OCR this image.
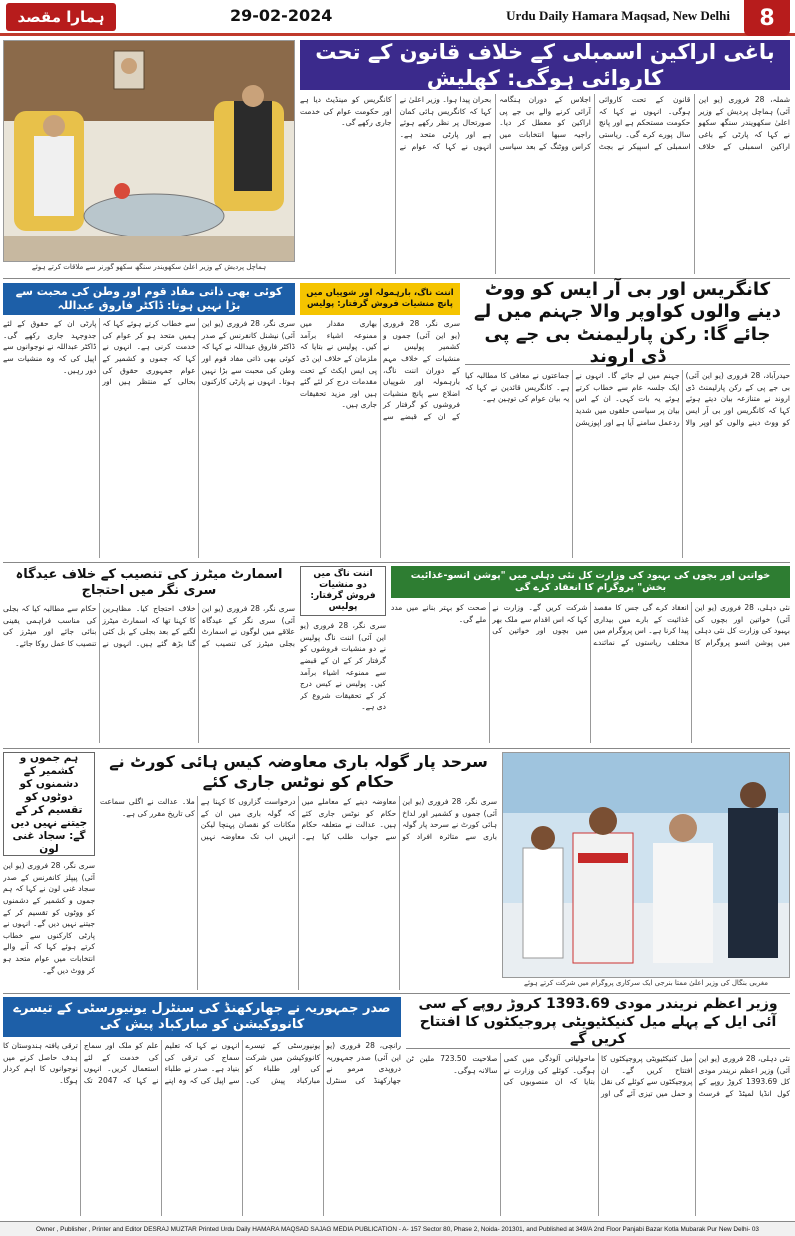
ہمارا مقصد	29-02-2024	Urdu Daily Hamara Maqsad, New Delhi	8
ہماچل پردیش کے وزیر اعلیٰ سکھویندر سنگھ سکھو گورنر سے ملاقات کرتے ہوئے
باغی اراکین اسمبلی کے خلاف قانون کے تحت کاروائی ہوگی: کھلیش
شملہ، 28 فروری (یو این آئی) ہماچل پردیش کے وزیر اعلیٰ سکھویندر سنگھ سکھو نے کہا کہ پارٹی کے باغی اراکین اسمبلی کے خلاف قانون کے تحت کاروائی ہوگی۔ انہوں نے کہا کہ حکومت مستحکم ہے اور پانچ سال پورے کرے گی۔ ریاستی اسمبلی کے اسپیکر نے بجٹ اجلاس کے دوران ہنگامہ آرائی کرنے والے بی جے پی اراکین کو معطل کر دیا۔ راجیہ سبھا انتخابات میں کراس ووٹنگ کے بعد سیاسی بحران پیدا ہوا۔ وزیر اعلیٰ نے کہا کہ کانگریس ہائی کمان صورتحال پر نظر رکھے ہوئے ہے اور پارٹی متحد ہے۔ انہوں نے کہا کہ عوام نے کانگریس کو مینڈیٹ دیا ہے اور حکومت عوام کی خدمت جاری رکھے گی۔
کوئی بھی ذاتی مفاد قوم اور وطن کی محبت سے بڑا نہیں ہوتا: ڈاکٹر فاروق عبداللہ
سری نگر، 28 فروری (یو این آئی) نیشنل کانفرنس کے صدر ڈاکٹر فاروق عبداللہ نے کہا کہ کوئی بھی ذاتی مفاد قوم اور وطن کی محبت سے بڑا نہیں ہوتا۔ انہوں نے پارٹی کارکنوں سے خطاب کرتے ہوئے کہا کہ ہمیں متحد ہو کر عوام کی خدمت کرنی ہے۔ انہوں نے کہا کہ جموں و کشمیر کے عوام جمہوری حقوق کی بحالی کے منتظر ہیں اور پارٹی ان کے حقوق کے لئے جدوجہد جاری رکھے گی۔ ڈاکٹر عبداللہ نے نوجوانوں سے اپیل کی کہ وہ منشیات سے دور رہیں۔
اننت ناگ، بارہمولہ اور شوپیاں میں پانچ منشیات فروش گرفتار: پولیس
سری نگر، 28 فروری (یو این آئی) جموں و کشمیر پولیس نے منشیات کے خلاف مہم کے دوران اننت ناگ، بارہمولہ اور شوپیاں اضلاع سے پانچ منشیات فروشوں کو گرفتار کر کے ان کے قبضے سے بھاری مقدار میں ممنوعہ اشیاء برآمد کیں۔ پولیس نے بتایا کہ ملزمان کے خلاف این ڈی پی ایس ایکٹ کے تحت مقدمات درج کر لئے گئے ہیں اور مزید تحقیقات جاری ہیں۔
کانگریس اور بی آر ایس کو ووٹ دینے والوں کواوپر والا جہنم میں لے جائے گا: رکن پارلیمنٹ بی جے پی ڈی اروند
حیدرآباد، 28 فروری (یو این آئی) بی جے پی کے رکن پارلیمنٹ ڈی اروند نے متنازعہ بیان دیتے ہوئے کہا کہ کانگریس اور بی آر ایس کو ووٹ دینے والوں کو اوپر والا جہنم میں لے جائے گا۔ انہوں نے ایک جلسہ عام سے خطاب کرتے ہوئے یہ بات کہی۔ ان کے اس بیان پر سیاسی حلقوں میں شدید ردعمل سامنے آیا ہے اور اپوزیشن جماعتوں نے معافی کا مطالبہ کیا ہے۔ کانگریس قائدین نے کہا کہ یہ بیان عوام کی توہین ہے۔
اسمارٹ میٹرز کی تنصیب کے خلاف عیدگاہ سری نگر میں احتجاج
سری نگر، 28 فروری (یو این آئی) سری نگر کے عیدگاہ علاقے میں لوگوں نے اسمارٹ بجلی میٹرز کی تنصیب کے خلاف احتجاج کیا۔ مظاہرین کا کہنا تھا کہ اسمارٹ میٹرز لگنے کے بعد بجلی کے بل کئی گنا بڑھ گئے ہیں۔ انہوں نے حکام سے مطالبہ کیا کہ بجلی کی مناسب فراہمی یقینی بنائی جائے اور میٹرز کی تنصیب کا عمل روکا جائے۔
اننت ناگ میں دو منشیات فروش گرفتار: پولیس
سری نگر، 28 فروری (یو این آئی) اننت ناگ پولیس نے دو منشیات فروشوں کو گرفتار کر کے ان کے قبضے سے ممنوعہ اشیاء برآمد کیں۔ پولیس نے کیس درج کر کے تحقیقات شروع کر دی ہے۔
خواتین اور بچوں کی بہبود کی وزارت کل نئی دہلی میں "پوشن اتسو-غذائیت بخش" پروگرام کا انعقاد کرے گی
نئی دہلی، 28 فروری (یو این آئی) خواتین اور بچوں کی بہبود کی وزارت کل نئی دہلی میں پوشن اتسو پروگرام کا انعقاد کرے گی جس کا مقصد غذائیت کے بارے میں بیداری پیدا کرنا ہے۔ اس پروگرام میں مختلف ریاستوں کے نمائندے شرکت کریں گے۔ وزارت نے کہا کہ اس اقدام سے ملک بھر میں بچوں اور خواتین کی صحت کو بہتر بنانے میں مدد ملے گی۔
ہم جموں و کشمیر کے دشمنوں کو دوٹوں کو تقسیم کر کے جیتنے نہیں دیں گے: سجاد غنی لون
سری نگر، 28 فروری (یو این آئی) پیپلز کانفرنس کے صدر سجاد غنی لون نے کہا کہ ہم جموں و کشمیر کے دشمنوں کو ووٹوں کو تقسیم کر کے جیتنے نہیں دیں گے۔ انہوں نے پارٹی کارکنوں سے خطاب کرتے ہوئے کہا کہ آنے والے انتخابات میں عوام متحد ہو کر ووٹ دیں گے۔
سرحد پار گولہ باری معاوضہ کیس ہائی کورٹ نے حکام کو نوٹس جاری کئے
سری نگر، 28 فروری (یو این آئی) جموں و کشمیر اور لداخ ہائی کورٹ نے سرحد پار گولہ باری سے متاثرہ افراد کو معاوضہ دینے کے معاملے میں حکام کو نوٹس جاری کئے ہیں۔ عدالت نے متعلقہ حکام سے جواب طلب کیا ہے۔ درخواست گزاروں کا کہنا ہے کہ گولہ باری میں ان کے مکانات کو نقصان پہنچا لیکن انہیں اب تک معاوضہ نہیں ملا۔ عدالت نے اگلی سماعت کی تاریخ مقرر کی ہے۔
مغربی بنگال کی وزیر اعلیٰ ممتا بنرجی ایک سرکاری پروگرام میں شرکت کرتے ہوئے
صدر جمہوریہ نے جھارکھنڈ کی سنٹرل یونیورسٹی کے تیسرے کانووکیشن کو مبارکباد پیش کی
رانچی، 28 فروری (یو این آئی) صدر جمہوریہ دروپدی مرمو نے جھارکھنڈ کی سنٹرل یونیورسٹی کے تیسرے کانووکیشن میں شرکت کی اور طلباء کو مبارکباد پیش کی۔ انہوں نے کہا کہ تعلیم سماج کی ترقی کی بنیاد ہے۔ صدر نے طلباء سے اپیل کی کہ وہ اپنے علم کو ملک اور سماج کی خدمت کے لئے استعمال کریں۔ انہوں نے کہا کہ 2047 تک ترقی یافتہ ہندوستان کا ہدف حاصل کرنے میں نوجوانوں کا اہم کردار ہوگا۔
وزیر اعظم نریندر مودی 1393.69 کروڑ روپے کے سی آئی ایل کے پہلے میل کنیکٹیویٹی پروجیکٹوں کا افتتاح کریں گے
نئی دہلی، 28 فروری (یو این آئی) وزیر اعظم نریندر مودی کل 1393.69 کروڑ روپے کے کول انڈیا لمیٹڈ کے فرسٹ میل کنیکٹیویٹی پروجیکٹوں کا افتتاح کریں گے۔ ان پروجیکٹوں سے کوئلے کی نقل و حمل میں تیزی آئے گی اور ماحولیاتی آلودگی میں کمی ہوگی۔ کوئلے کی وزارت نے بتایا کہ ان منصوبوں کی صلاحیت 723.50 ملین ٹن سالانہ ہوگی۔
Owner , Publisher , Printer and Editor DESRAJ MUZTAR Printed Urdu Daily HAMARA MAQSAD SAJAG MEDIA PUBLICATION - A- 157 Sector 80, Phase 2, Noida- 201301, and Published at 349/A 2nd Floor Panjabi Bazar Kotla Mubarak Pur New Delhi- 03
